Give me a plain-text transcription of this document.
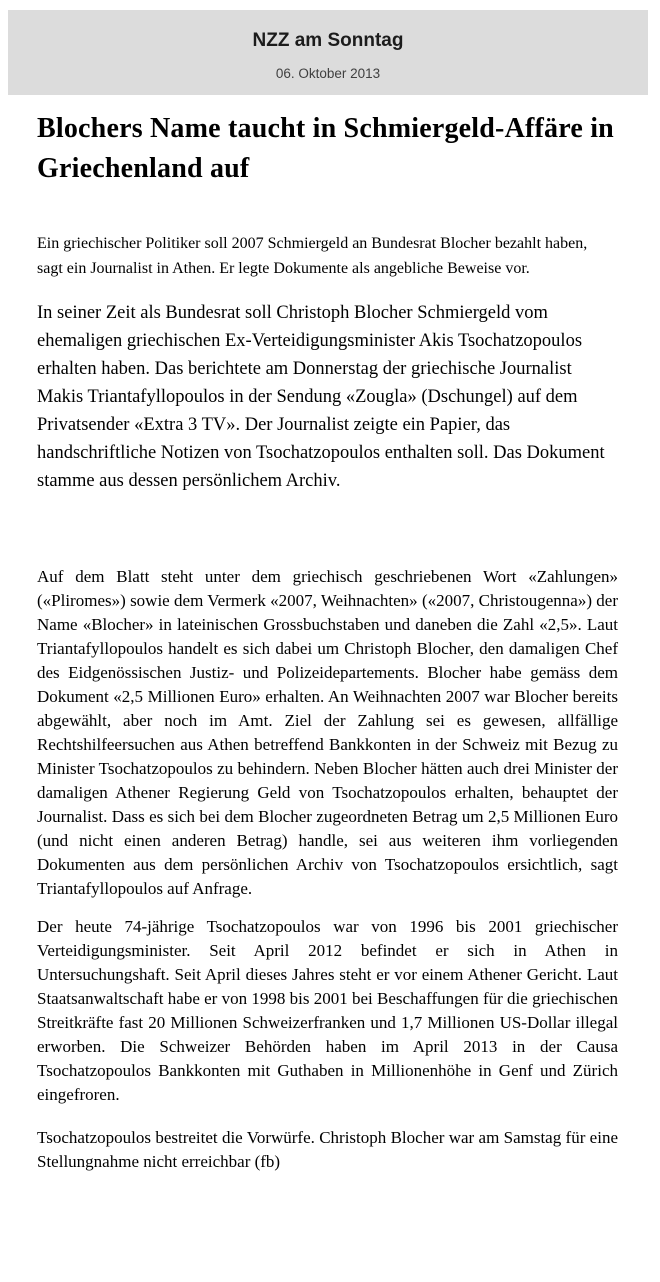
NZZ am Sonntag
06. Oktober 2013
Blochers Name taucht in Schmiergeld-Affäre in Griechenland auf

Ein griechischer Politiker soll 2007 Schmiergeld an Bundesrat Blocher bezahlt haben, sagt ein Journalist in Athen. Er legte Dokumente als angebliche Beweise vor.

In seiner Zeit als Bundesrat soll Christoph Blocher Schmiergeld vom ehemaligen griechischen Ex-Verteidigungsminister Akis Tsochatzopoulos erhalten haben. Das berichtete am Donnerstag der griechische Journalist Makis Triantafyllopoulos in der Sendung «Zougla» (Dschungel) auf dem Privatsender «Extra 3 TV». Der Journalist zeigte ein Papier, das handschriftliche Notizen von Tsochatzopoulos enthalten soll. Das Dokument stamme aus dessen persönlichem Archiv.

Auf dem Blatt steht unter dem griechisch geschriebenen Wort «Zahlungen» («Pliromes») sowie dem Vermerk «2007, Weihnachten» («2007, Christougenna») der Name «Blocher» in lateinischen Grossbuchstaben und daneben die Zahl «2,5». Laut Triantafyllopoulos handelt es sich dabei um Christoph Blocher, den damaligen Chef des Eidgenössischen Justiz- und Polizeidepartements. Blocher habe gemäss dem Dokument «2,5 Millionen Euro» erhalten. An Weihnachten 2007 war Blocher bereits abgewählt, aber noch im Amt. Ziel der Zahlung sei es gewesen, allfällige Rechtshilfeersuchen aus Athen betreffend Bankkonten in der Schweiz mit Bezug zu Minister Tsochatzopoulos zu behindern. Neben Blocher hätten auch drei Minister der damaligen Athener Regierung Geld von Tsochatzopoulos erhalten, behauptet der Journalist. Dass es sich bei dem Blocher zugeordneten Betrag um 2,5 Millionen Euro (und nicht einen anderen Betrag) handle, sei aus weiteren ihm vorliegenden Dokumenten aus dem persönlichen Archiv von Tsochatzopoulos ersichtlich, sagt Triantafyllopoulos auf Anfrage.

Der heute 74-jährige Tsochatzopoulos war von 1996 bis 2001 griechischer Verteidigungsminister. Seit April 2012 befindet er sich in Athen in Untersuchungshaft. Seit April dieses Jahres steht er vor einem Athener Gericht. Laut Staatsanwaltschaft habe er von 1998 bis 2001 bei Beschaffungen für die griechischen Streitkräfte fast 20 Millionen Schweizerfranken und 1,7 Millionen US-Dollar illegal erworben. Die Schweizer Behörden haben im April 2013 in der Causa Tsochatzopoulos Bankkonten mit Guthaben in Millionenhöhe in Genf und Zürich eingefroren.

Tsochatzopoulos bestreitet die Vorwürfe. Christoph Blocher war am Samstag für eine Stellungnahme nicht erreichbar (fb)
